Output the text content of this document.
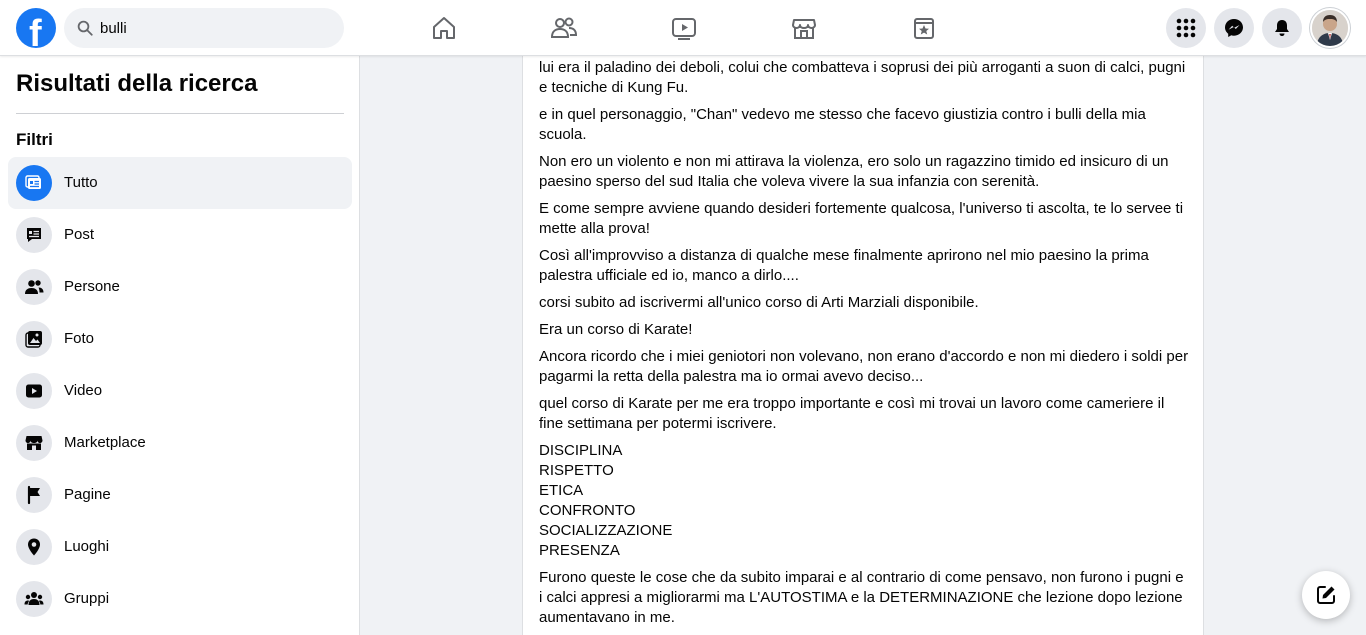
f
bulli
Risultati della ricerca
Filtri
Tutto
Post
Persone
Foto
Video
Marketplace
Pagine
Luoghi
Gruppi

lui era il paladino dei deboli, colui che combatteva i soprusi dei più arroganti a suon di calci, pugni e tecniche di Kung Fu.

e in quel personaggio, "Chan" vedevo me stesso che facevo giustizia contro i bulli della mia scuola.

Non ero un violento e non mi attirava la violenza, ero solo un ragazzino timido ed insicuro di un paesino sperso del sud Italia che voleva vivere la sua infanzia con serenità.

E come sempre avviene quando desideri fortemente qualcosa, l'universo ti ascolta, te lo servee ti mette alla prova!

Così all'improvviso a distanza di qualche mese finalmente aprirono nel mio paesino la prima palestra ufficiale ed io, manco a dirlo....

corsi subito ad iscrivermi all'unico corso di Arti Marziali disponibile.

Era un corso di Karate!

Ancora ricordo che i miei geniotori non volevano, non erano d'accordo e non mi diedero i soldi per pagarmi la retta della palestra ma io ormai avevo deciso...

quel corso di Karate per me era troppo importante e così mi trovai un lavoro come cameriere il fine settimana per potermi iscrivere.

DISCIPLINA
RISPETTO
ETICA
CONFRONTO
SOCIALIZZAZIONE
PRESENZA

Furono queste le cose che da subito imparai e al contrario di come pensavo, non furono i pugni e i calci appresi a migliorarmi ma L'AUTOSTIMA e la DETERMINAZIONE che lezione dopo lezione aumentavano in me.
